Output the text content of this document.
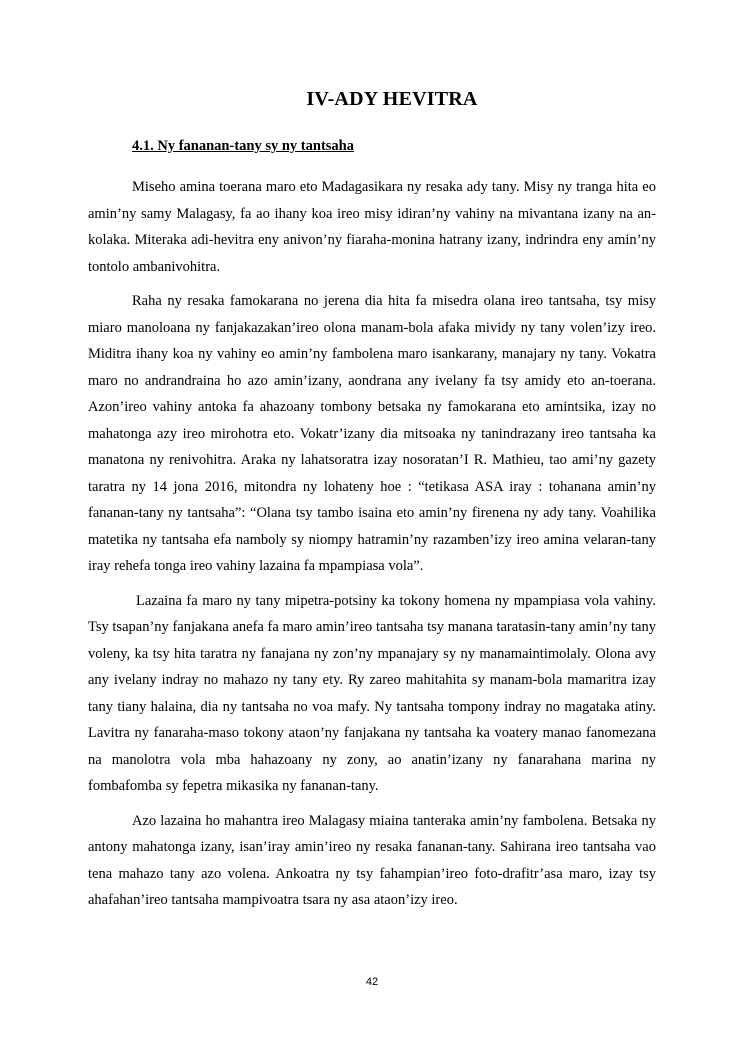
IV-ADY HEVITRA
4.1. Ny fananan-tany sy ny tantsaha

Miseho amina toerana maro eto Madagasikara ny resaka ady tany. Misy ny tranga hita eo amin’ny samy Malagasy, fa ao ihany koa ireo misy idiran’ny vahiny na mivantana izany na an-kolaka. Miteraka adi-hevitra eny anivon’ny fiaraha-monina hatrany izany, indrindra eny amin’ny tontolo ambanivohitra.

Raha ny resaka famokarana no jerena dia hita fa misedra olana ireo tantsaha, tsy misy miaro manoloana ny fanjakazakan’ireo olona manam-bola afaka mividy ny tany volen’izy ireo. Miditra ihany koa ny vahiny eo amin’ny fambolena maro isankarany, manajary ny tany. Vokatra maro no andrandraina ho azo amin’izany, aondrana any ivelany fa tsy amidy eto an-toerana. Azon’ireo vahiny antoka fa ahazoany tombony betsaka ny famokarana eto amintsika, izay no mahatonga azy ireo mirohotra eto. Vokatr’izany dia mitsoaka ny tanindrazany ireo tantsaha ka manatona ny renivohitra. Araka ny lahatsoratra izay nosoratan’I R. Mathieu, tao ami’ny gazety taratra ny 14 jona 2016, mitondra ny lohateny hoe : “tetikasa ASA iray : tohanana amin’ny fananan-tany ny tantsaha”: “Olana tsy tambo isaina eto amin’ny firenena ny ady tany. Voahilika matetika ny tantsaha efa namboly sy niompy hatramin’ny razamben’izy ireo amina velaran-tany iray rehefa tonga ireo vahiny lazaina fa mpampiasa vola”.

Lazaina fa maro ny tany mipetra-potsiny ka tokony homena ny mpampiasa vola vahiny. Tsy tsapan’ny fanjakana anefa fa maro amin’ireo tantsaha tsy manana taratasin-tany amin’ny tany voleny, ka tsy hita taratra ny fanajana ny zon’ny mpanajary sy ny manamaintimolaly. Olona avy any ivelany indray no mahazo ny tany ety. Ry zareo mahitahita sy manam-bola mamaritra izay tany tiany halaina, dia ny tantsaha no voa mafy. Ny tantsaha tompony indray no magataka atiny. Lavitra ny fanaraha-maso tokony ataon’ny fanjakana ny tantsaha ka voatery manao fanomezana na manolotra vola mba hahazoany ny zony, ao anatin’izany ny fanarahana marina ny fombafomba sy fepetra mikasika ny fananan-tany.

Azo lazaina ho mahantra ireo Malagasy miaina tanteraka amin’ny fambolena. Betsaka ny antony mahatonga izany, isan’iray amin’ireo ny resaka fananan-tany. Sahirana ireo tantsaha vao tena mahazo tany azo volena. Ankoatra ny tsy fahampian’ireo foto-drafitr’asa maro, izay tsy ahafahan’ireo tantsaha mampivoatra tsara ny asa ataon’izy ireo.

42
